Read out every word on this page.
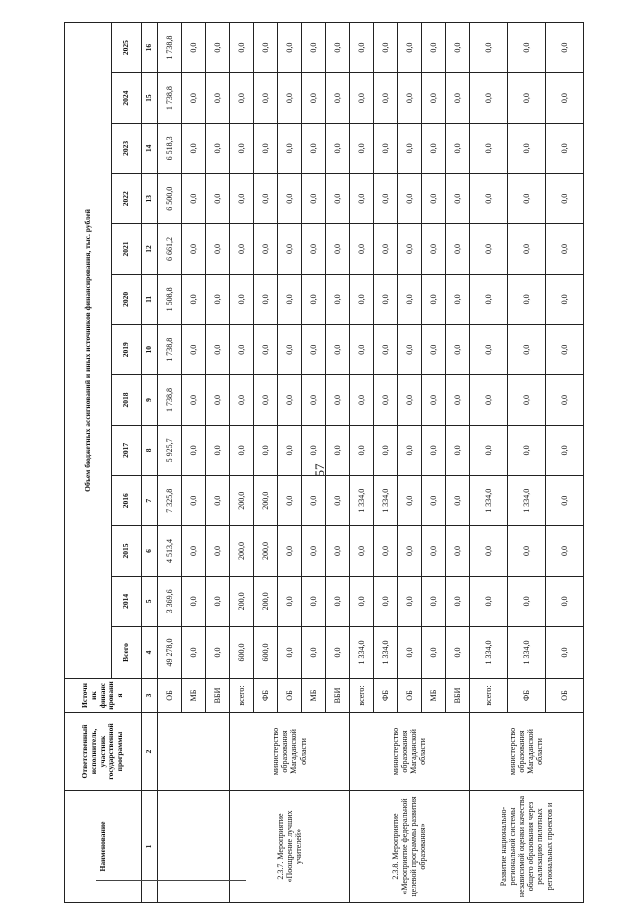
57
Наименование	Ответственный исполнитель, участник государственной программы	Источник финансирования	Объем бюджетных ассигнований и иных источников финансирования, тыс. рублей												
			Всего	2014	2015	2016	2017	2018	2019	2020	2021	2022	2023	2024	2025
1	2	3	4	5	6	7	8	9	10	11	12	13	14	15	16
		ОБ	49 278,0	3 369,6	4 513,4	7 325,8	5 925,7	1 738,8	1 738,8	1 508,8	6 661,2	6 500,0	6 518,3	1 738,8	1 738,8
		МБ	0,0	0,0	0,0	0,0	0,0	0,0	0,0	0,0	0,0	0,0	0,0	0,0	0,0
		ВБИ	0,0	0,0	0,0	0,0	0,0	0,0	0,0	0,0	0,0	0,0	0,0	0,0	0,0
2.3.7. Мероприятие «Поощрение лучших учителей»	министерство образования Магаданской области	всего:	600,0	200,0	200,0	200,0	0,0	0,0	0,0	0,0	0,0	0,0	0,0	0,0	0,0
		ФБ	600,0	200,0	200,0	200,0	0,0	0,0	0,0	0,0	0,0	0,0	0,0	0,0	0,0
		ОБ	0,0	0,0	0,0	0,0	0,0	0,0	0,0	0,0	0,0	0,0	0,0	0,0	0,0
		МБ	0,0	0,0	0,0	0,0	0,0	0,0	0,0	0,0	0,0	0,0	0,0	0,0	0,0
		ВБИ	0,0	0,0	0,0	0,0	0,0	0,0	0,0	0,0	0,0	0,0	0,0	0,0	0,0
2.3.8. Мероприятие «Мероприятие федеральной целевой программы развития образования»	министерство образования Магаданской области	всего:	1 334,0	0,0	0,0	1 334,0	0,0	0,0	0,0	0,0	0,0	0,0	0,0	0,0	0,0
		ФБ	1 334,0	0,0	0,0	1 334,0	0,0	0,0	0,0	0,0	0,0	0,0	0,0	0,0	0,0
		ОБ	0,0	0,0	0,0	0,0	0,0	0,0	0,0	0,0	0,0	0,0	0,0	0,0	0,0
		МБ	0,0	0,0	0,0	0,0	0,0	0,0	0,0	0,0	0,0	0,0	0,0	0,0	0,0
		ВБИ	0,0	0,0	0,0	0,0	0,0	0,0	0,0	0,0	0,0	0,0	0,0	0,0	0,0
Развитие национально-региональной системы независимой оценки качества общего образования через реализацию пилотных региональных проектов и	министерство образования Магаданской области	всего:	1 334,0	0,0	0,0	1 334,0	0,0	0,0	0,0	0,0	0,0	0,0	0,0	0,0	0,0
		ФБ	1 334,0	0,0	0,0	1 334,0	0,0	0,0	0,0	0,0	0,0	0,0	0,0	0,0	0,0
		ОБ	0,0	0,0	0,0	0,0	0,0	0,0	0,0	0,0	0,0	0,0	0,0	0,0	0,0
